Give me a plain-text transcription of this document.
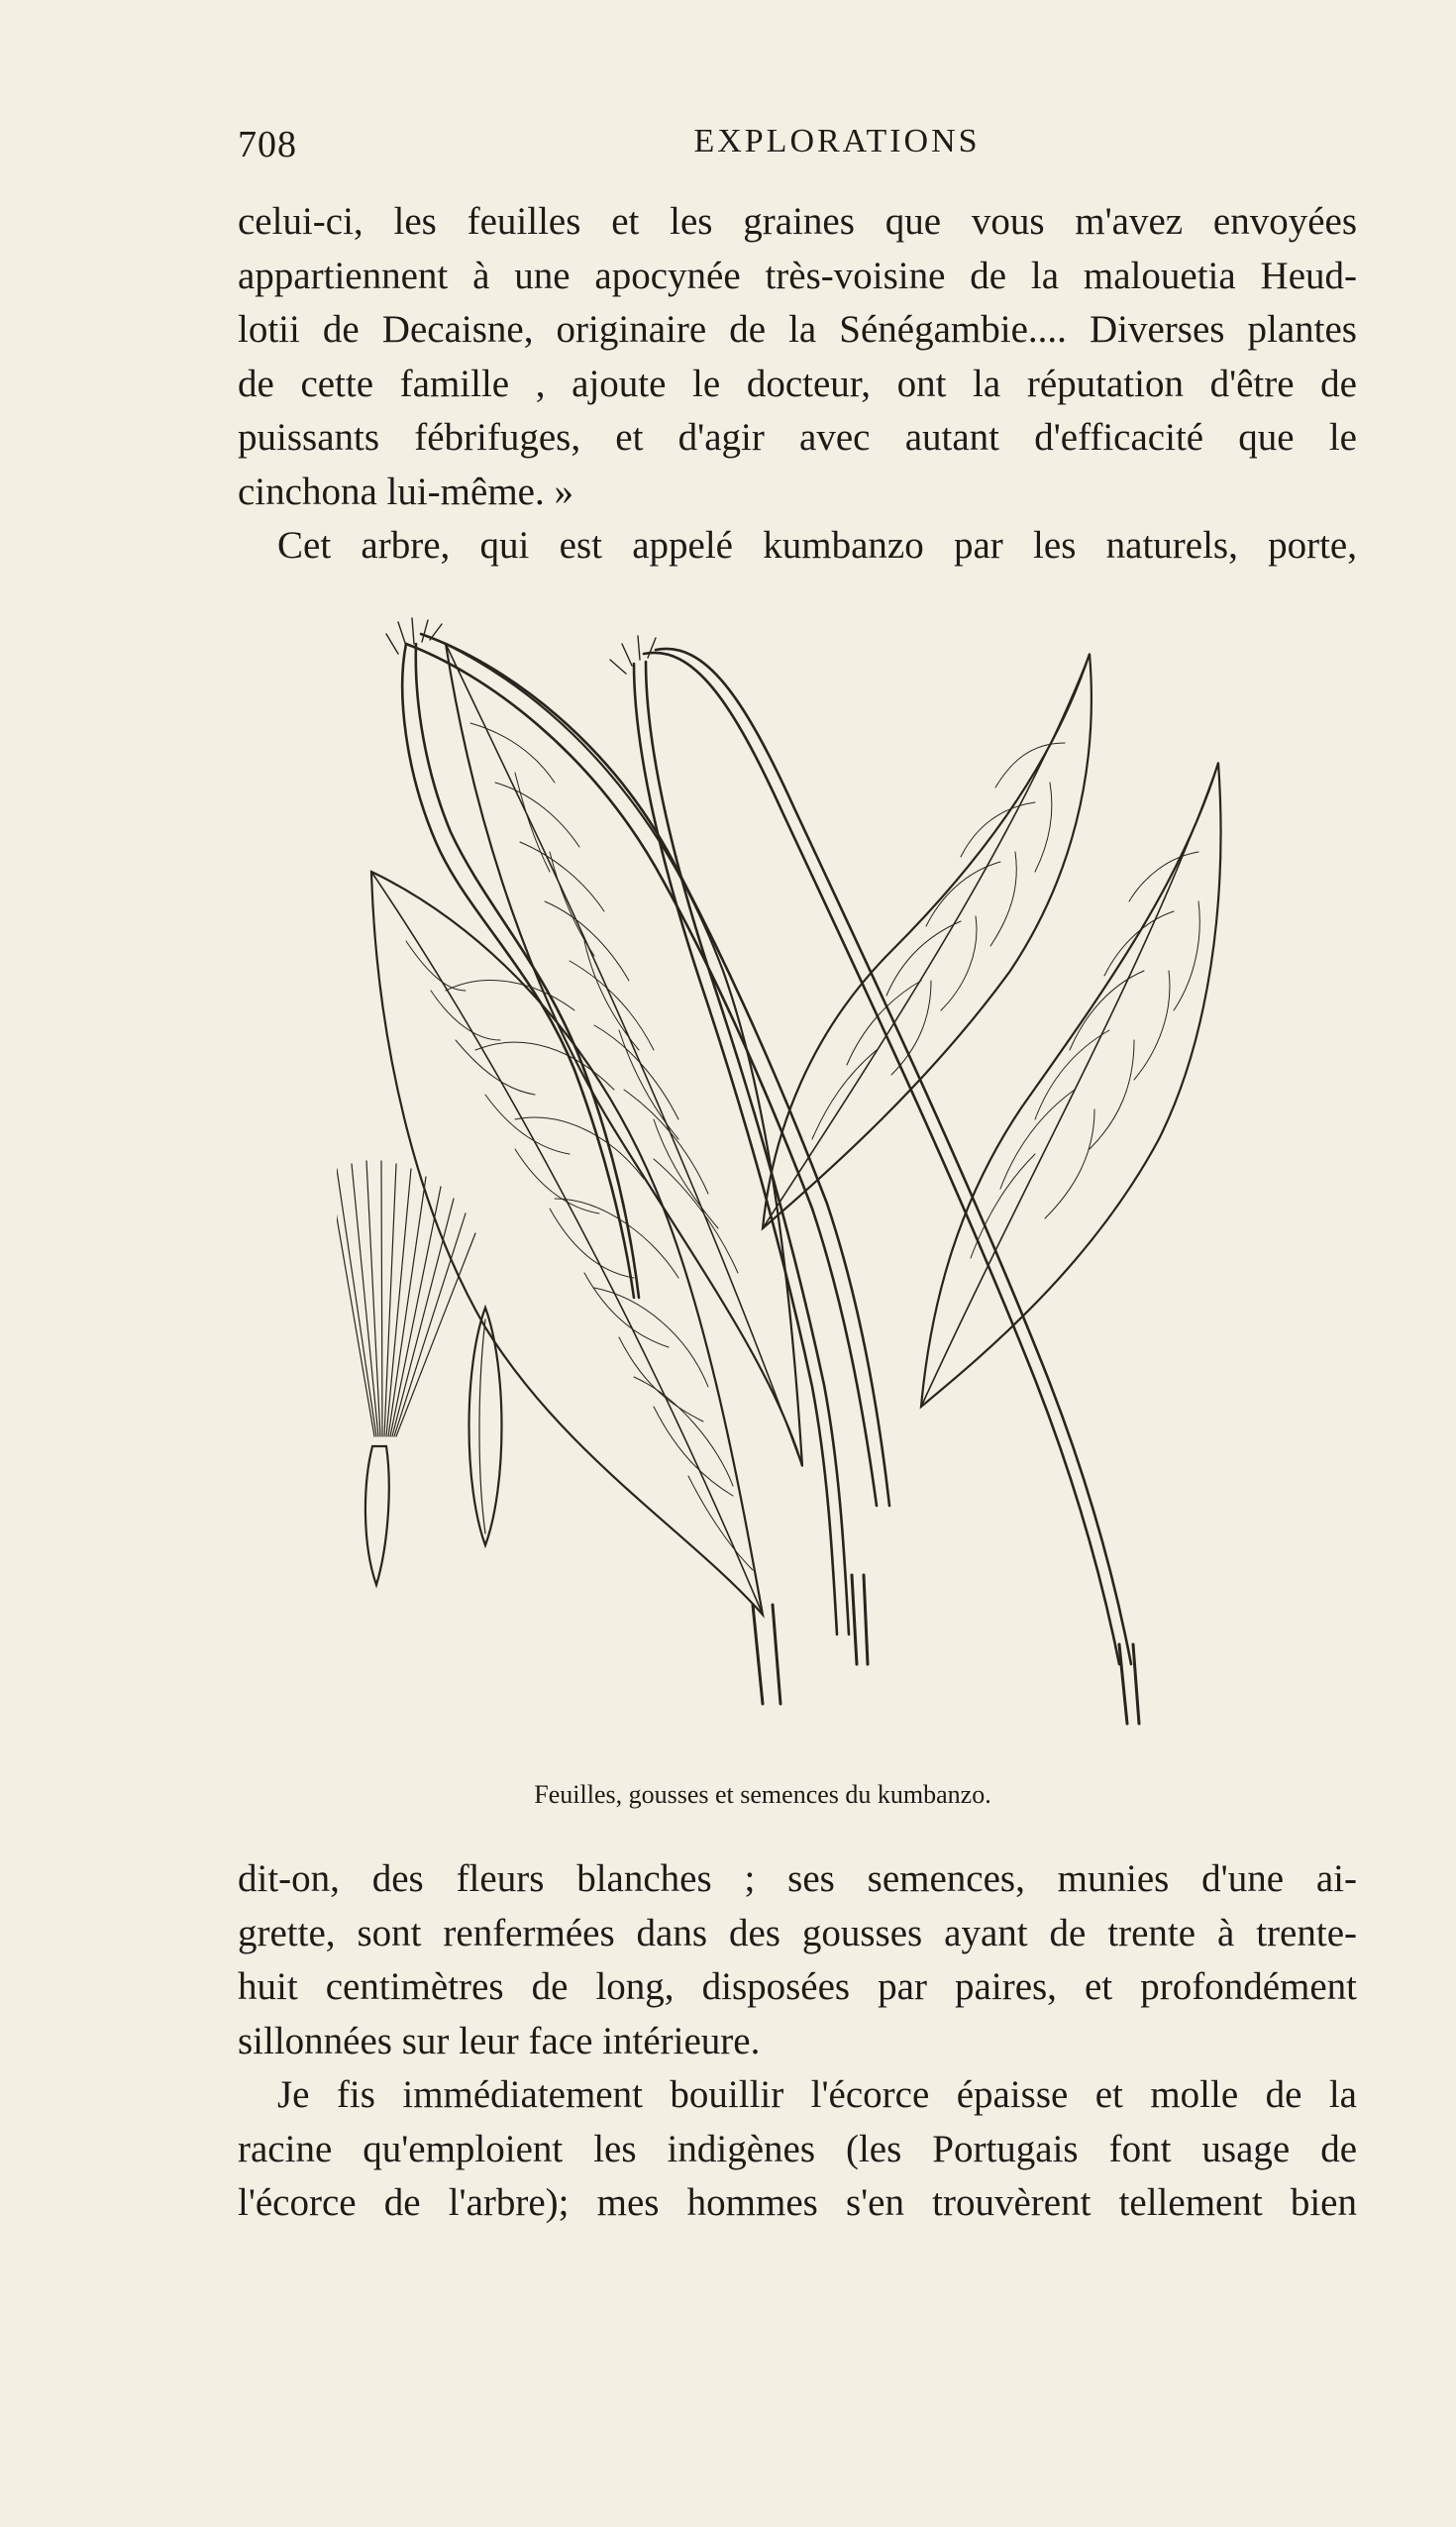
708	EXPLORATIONS
celui-ci, les feuilles et les graines que vous m'avez envoyées
appartiennent à une apocynée très-voisine de la malouetia Heud-
lotii de Decaisne, originaire de la Sénégambie.... Diverses plantes
de cette famille , ajoute le docteur, ont la réputation d'être de
puissants fébrifuges, et d'agir avec autant d'efficacité que le
cinchona lui-même. »
Cet arbre, qui est appelé kumbanzo par les naturels, porte,
Feuilles, gousses et semences du kumbanzo.
dit-on, des fleurs blanches ; ses semences, munies d'une ai-
grette, sont renfermées dans des gousses ayant de trente à trente-
huit centimètres de long, disposées par paires, et profondément
sillonnées sur leur face intérieure.
Je fis immédiatement bouillir l'écorce épaisse et molle de la
racine qu'emploient les indigènes (les Portugais font usage de
l'écorce de l'arbre); mes hommes s'en trouvèrent tellement bien
